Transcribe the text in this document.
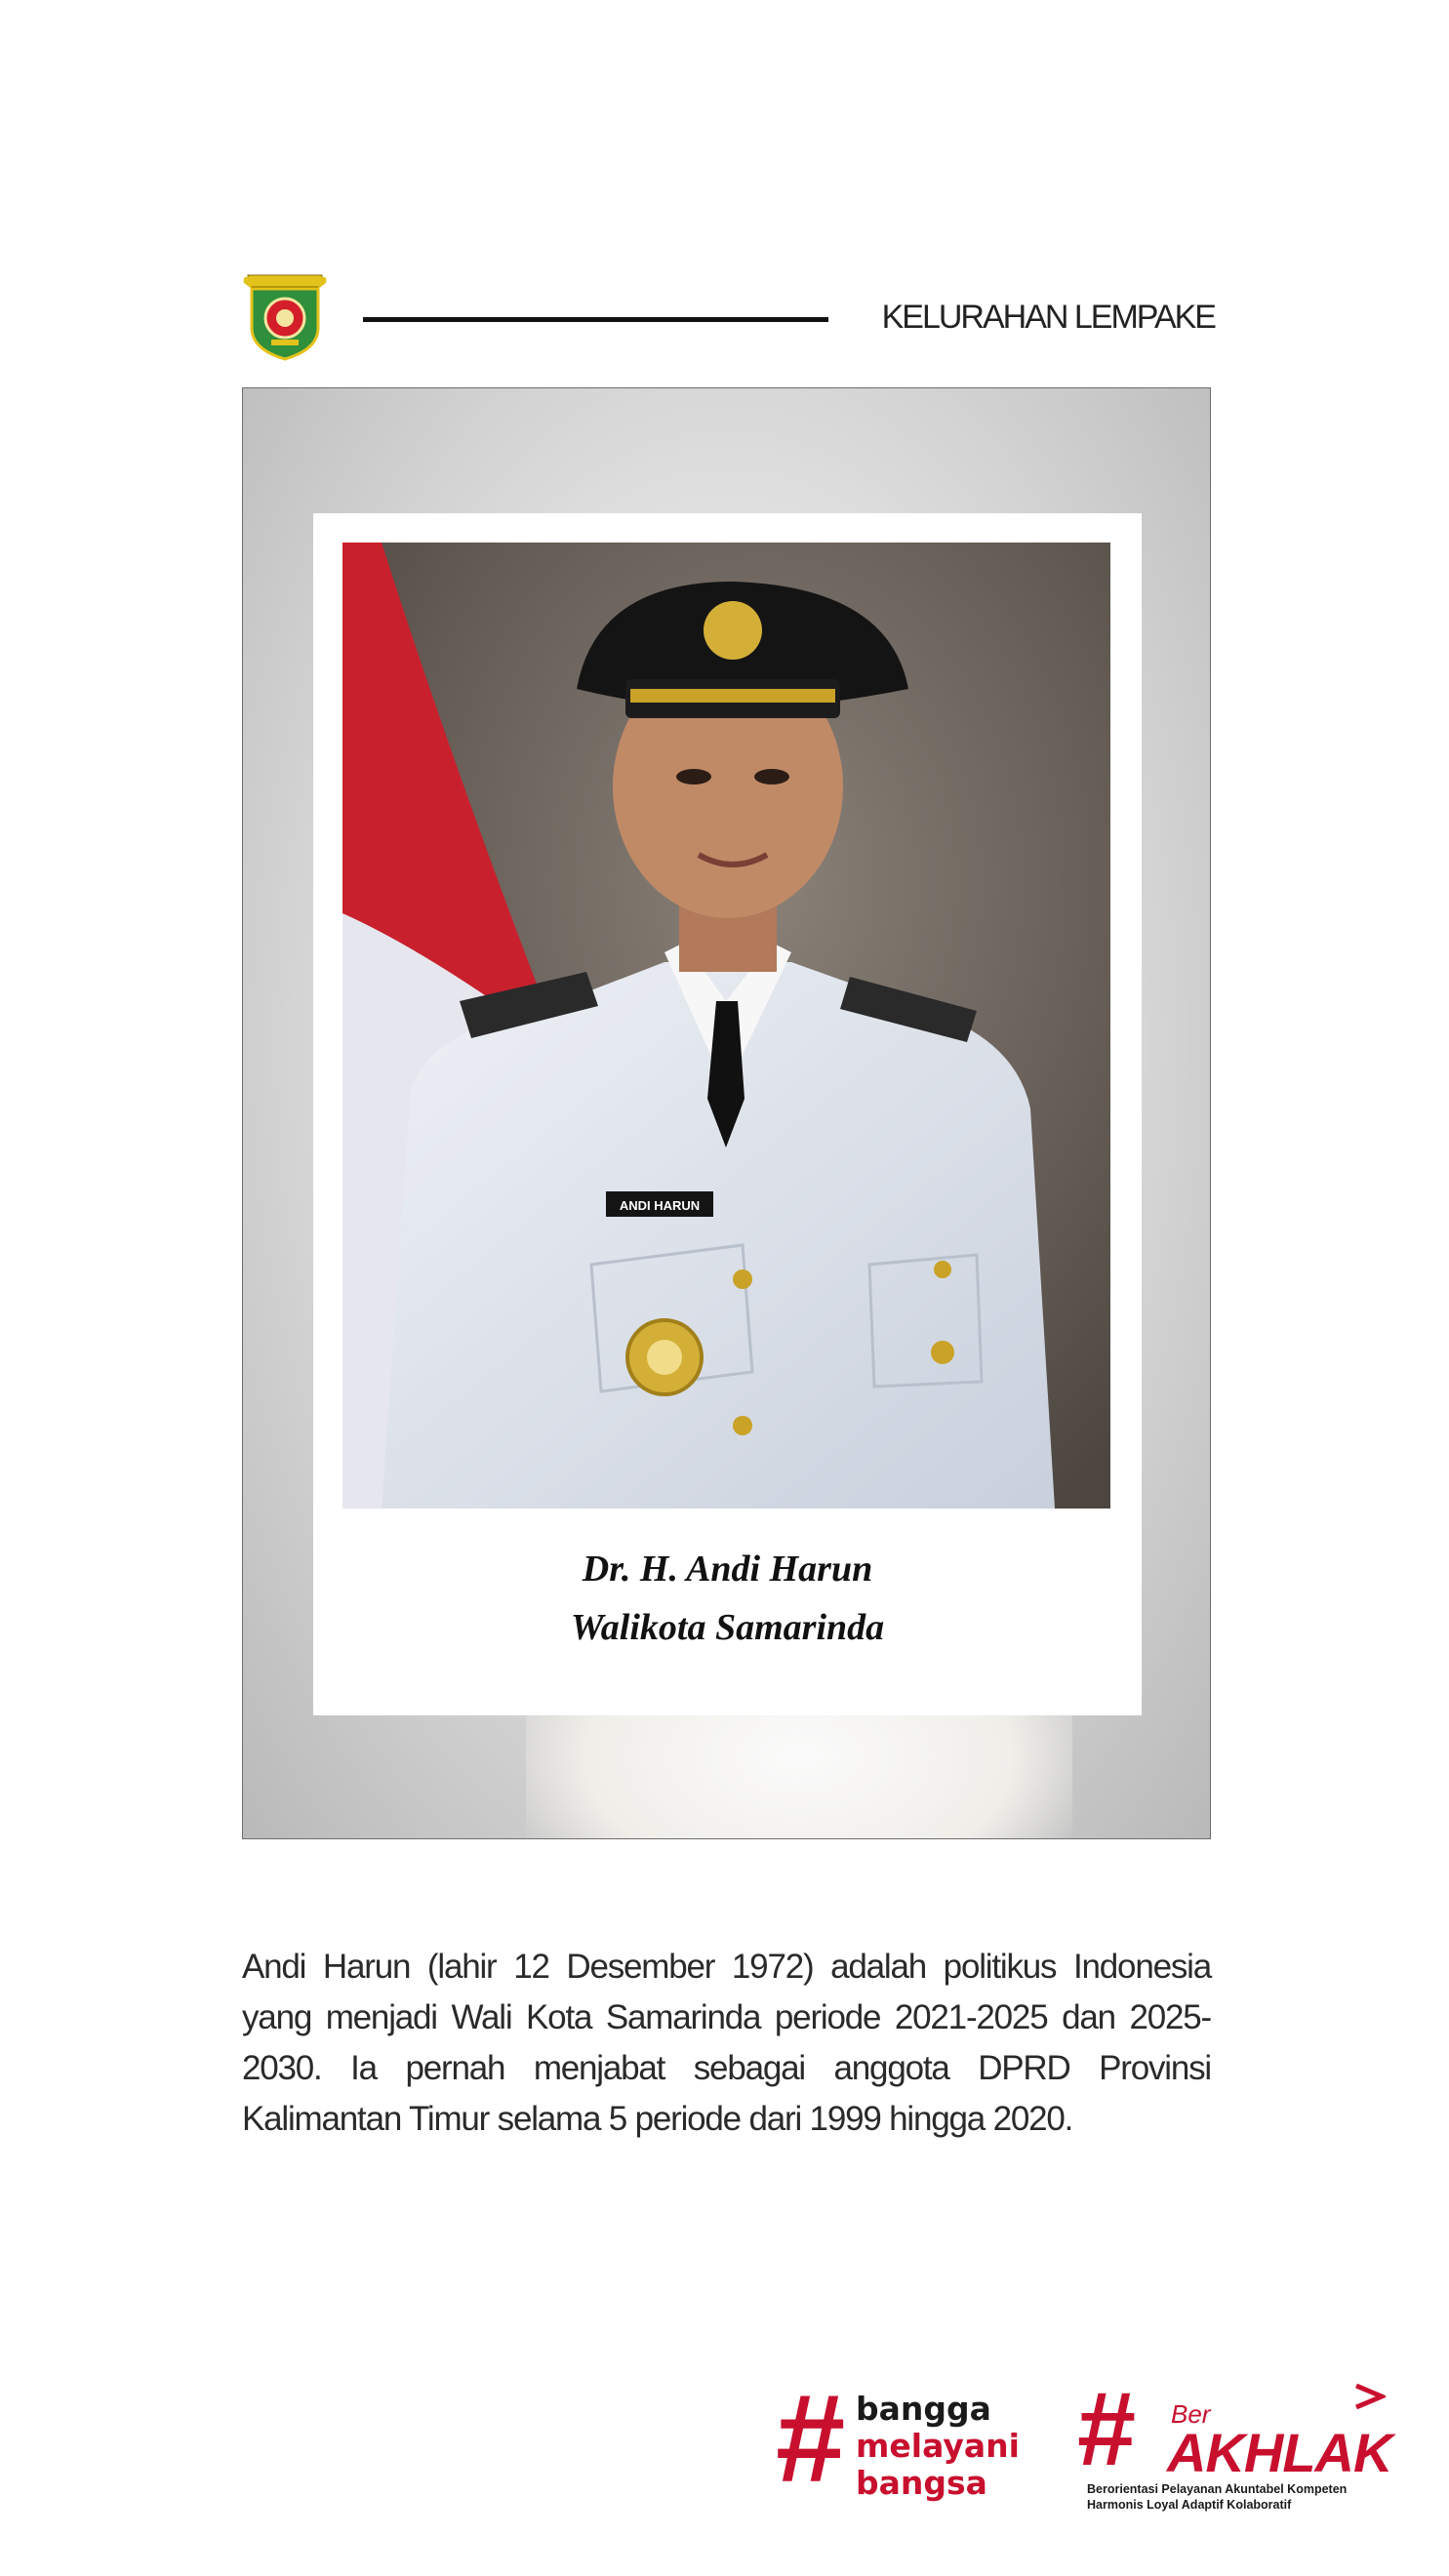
KELURAHAN LEMPAKE
ANDI HARUN
Dr. H. Andi Harun
Walikota Samarinda

Andi Harun (lahir 12 Desember 1972) adalah politikus Indonesia yang menjadi Wali Kota Samarinda periode 2021-2025 dan 2025-2030. Ia pernah menjabat sebagai anggota DPRD Provinsi Kalimantan Timur selama 5 periode dari 1999 hingga 2020.

# bangga
melayani
bangsa # Ber
AKHLAK
Berorientasi Pelayanan Akuntabel Kompeten
Harmonis Loyal Adaptif Kolaboratif
